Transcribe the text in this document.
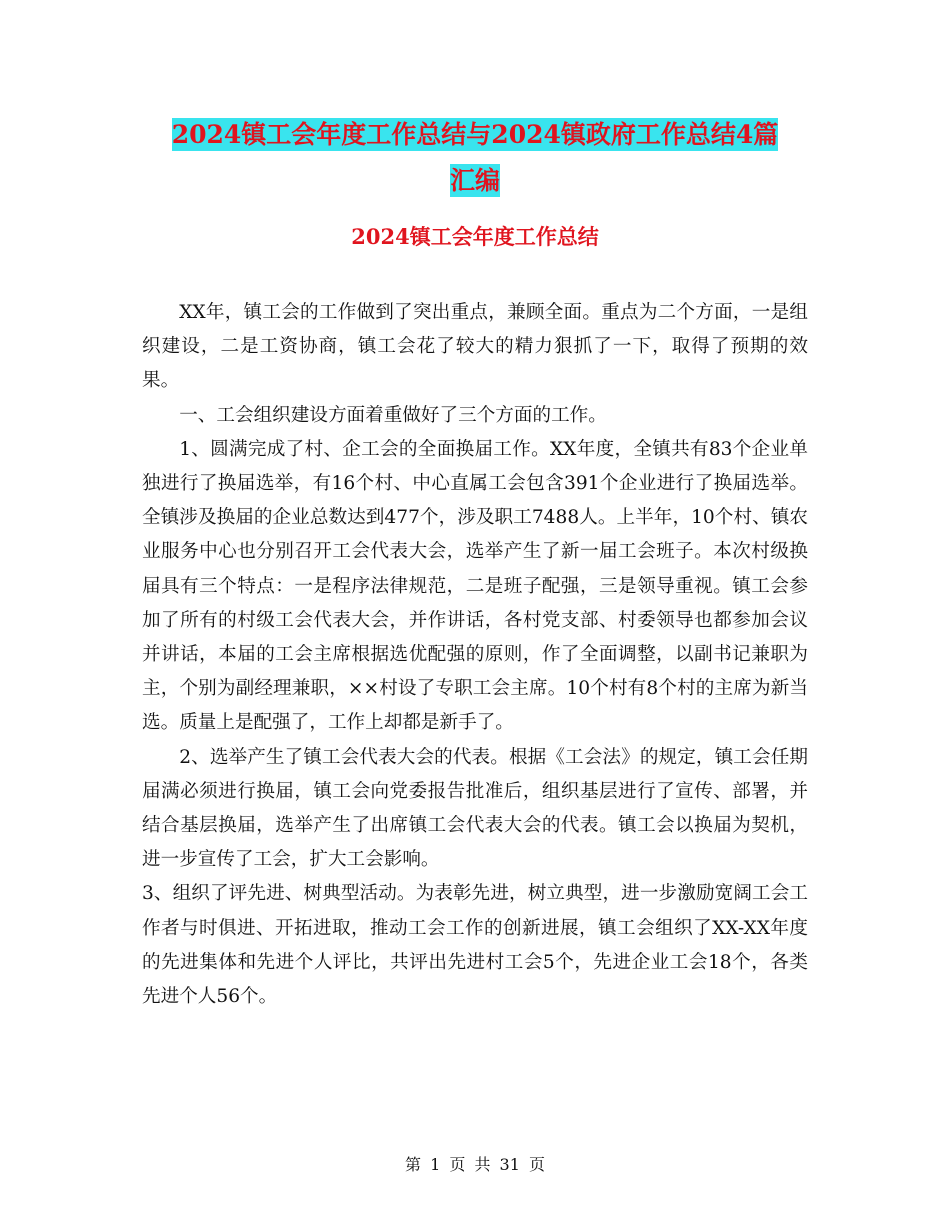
2024镇工会年度工作总结与2024镇政府工作总结4篇
汇编
2024镇工会年度工作总结

XX年，镇工会的工作做到了突出重点，兼顾全面。重点为二个方面，一是组织建设，二是工资协商，镇工会花了较大的精力狠抓了一下，取得了预期的效果。

一、工会组织建设方面着重做好了三个方面的工作。

1、圆满完成了村、企工会的全面换届工作。XX年度，全镇共有83个企业单独进行了换届选举，有16个村、中心直属工会包含391个企业进行了换届选举。全镇涉及换届的企业总数达到477个，涉及职工7488人。上半年，10个村、镇农业服务中心也分别召开工会代表大会，选举产生了新一届工会班子。本次村级换届具有三个特点：一是程序法律规范，二是班子配强，三是领导重视。镇工会参加了所有的村级工会代表大会，并作讲话，各村党支部、村委领导也都参加会议并讲话，本届的工会主席根据选优配强的原则，作了全面调整，以副书记兼职为主，个别为副经理兼职，××村设了专职工会主席。10个村有8个村的主席为新当选。质量上是配强了，工作上却都是新手了。

2、选举产生了镇工会代表大会的代表。根据《工会法》的规定，镇工会任期届满必须进行换届，镇工会向党委报告批准后，组织基层进行了宣传、部署，并结合基层换届，选举产生了出席镇工会代表大会的代表。镇工会以换届为契机，进一步宣传了工会，扩大工会影响。

3、组织了评先进、树典型活动。为表彰先进，树立典型，进一步激励宽阔工会工作者与时俱进、开拓进取，推动工会工作的创新进展，镇工会组织了XX-XX年度的先进集体和先进个人评比，共评出先进村工会5个，先进企业工会18个，各类先进个人56个。

第 1 页 共 31 页
